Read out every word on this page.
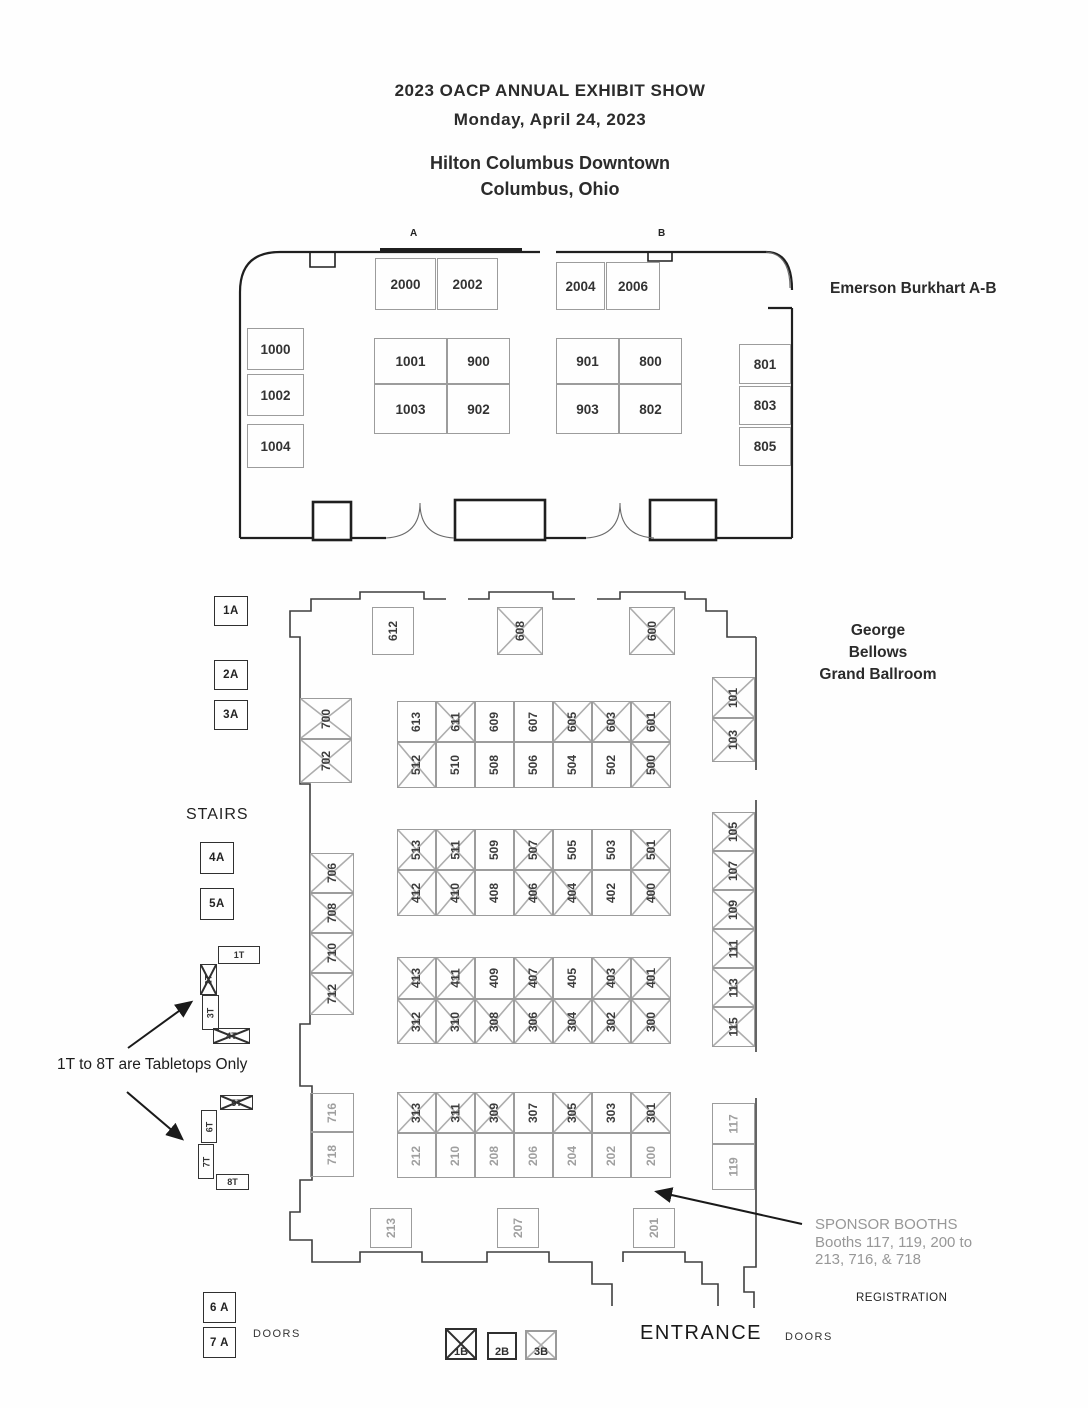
2023 OACP ANNUAL EXHIBIT SHOW
Monday, April 24, 2023
Hilton Columbus Downtown
Columbus, Ohio
Emerson Burkhart A-B
George
Bellows
Grand Ballroom
A	B
STAIRS
1T to 8T are Tabletops Only
SPONSOR BOOTHS
Booths 117, 119, 200 to
213, 716, & 718
REGISTRATION
ENTRANCE
DOORS	DOORS
2000 2002	2004 2006
1000
1002
1004
1001	900
1003	902
901	800
903	802
801
803
805
612	608	600
613 611 609 607 605 603 601
512 510 508 506 504 502 500
700
702
101
103
513 511 509 507 505 503 501
412 410 408 406 404 402 400
706
708
710
712
105
107
109
111
113
115
413 411 409 407 405 403 401
312 310 308 306 304 302 300
313 311 309 307 305 303 301
212 210 208 206 204 202 200
716
718
117
119
213	207	201
1T
2T
3T
4T
5T
6T
7T
8T
1A
2A
3A
4A
5A
6 A
7 A
1B 2B 3B
